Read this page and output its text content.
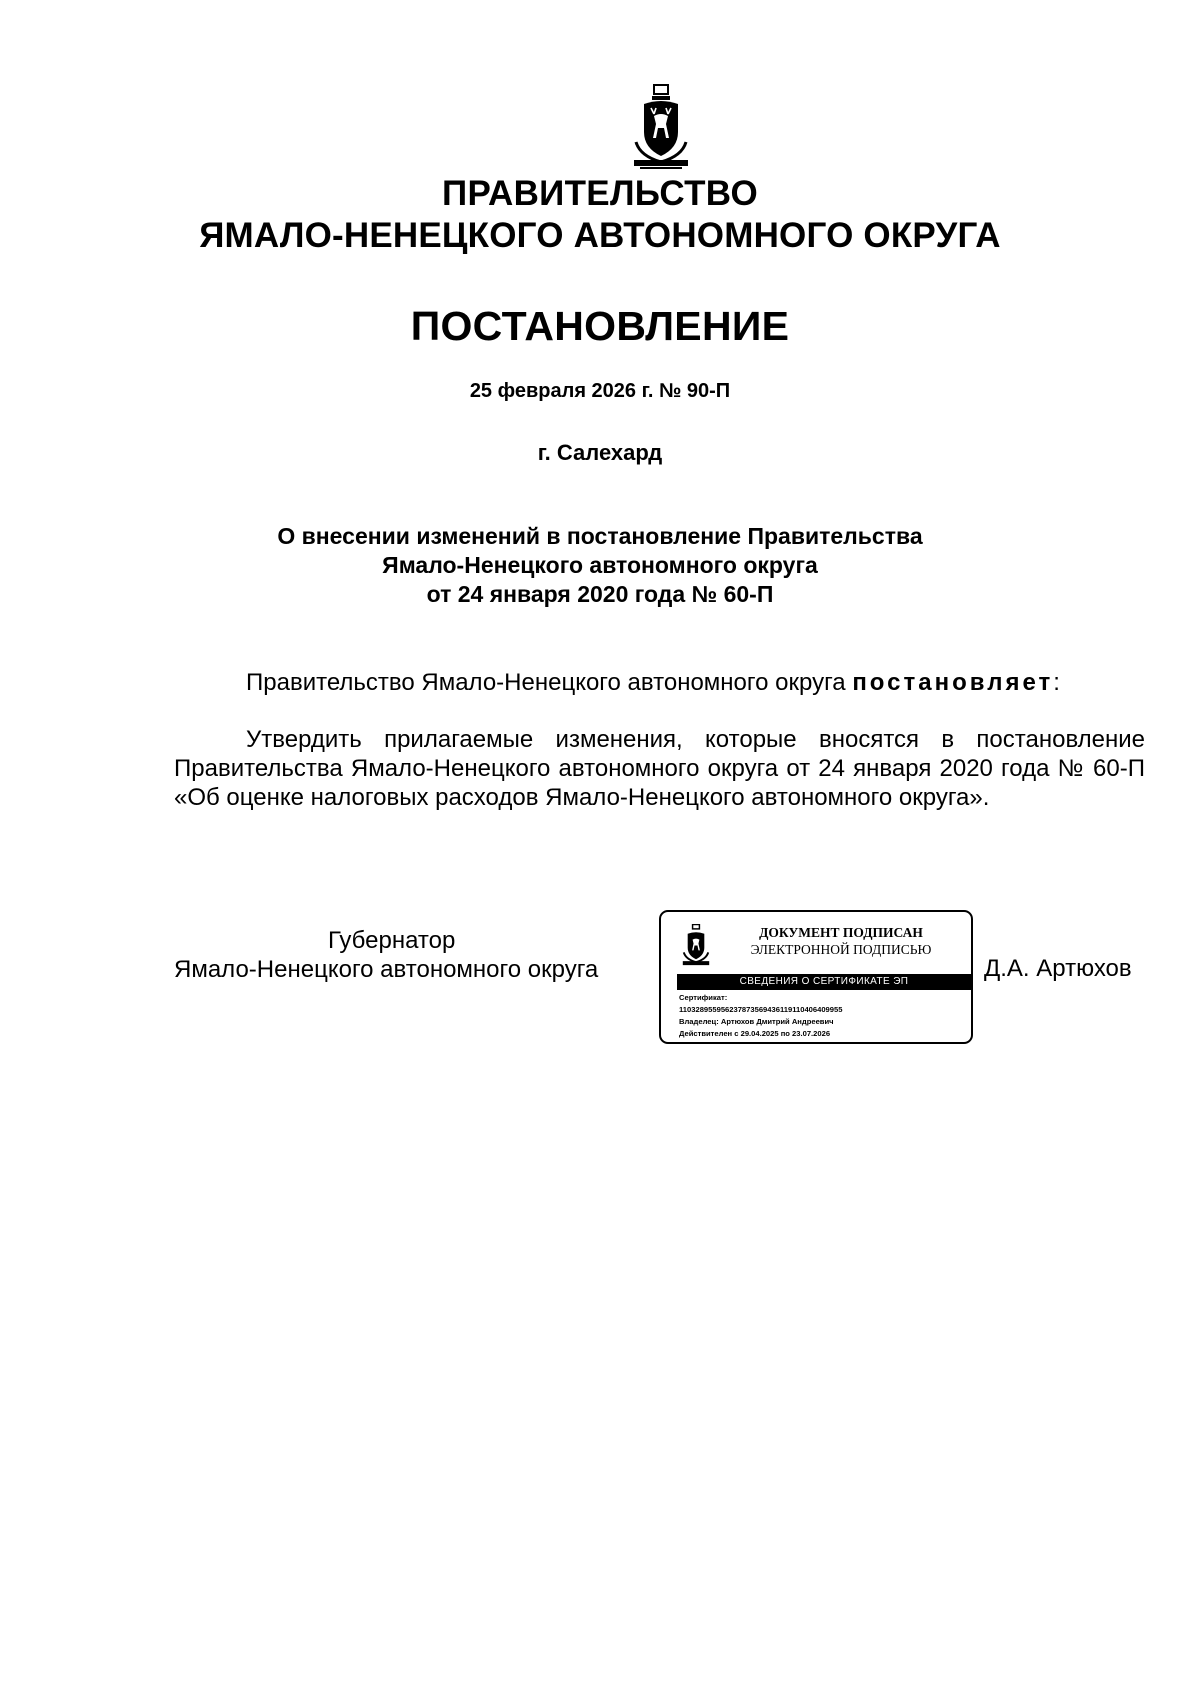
ПРАВИТЕЛЬСТВО
ЯМАЛО-НЕНЕЦКОГО АВТОНОМНОГО ОКРУГА
ПОСТАНОВЛЕНИЕ
25 февраля 2026 г. № 90-П
г. Салехард
О внесении изменений в постановление Правительства
Ямало-Ненецкого автономного округа
от 24 января 2020 года № 60-П
Правительство Ямало-Ненецкого автономного округа постановляет:

Утвердить прилагаемые изменения, которые вносятся в постановление Правительства Ямало-Ненецкого автономного округа от 24 января 2020 года № 60-П «Об оценке налоговых расходов Ямало-Ненецкого автономного округа».

Губернатор
Ямало-Ненецкого автономного округа
ДОКУМЕНТ ПОДПИСАН
ЭЛЕКТРОННОЙ ПОДПИСЬЮ
СВЕДЕНИЯ О СЕРТИФИКАТЕ ЭП
Сертификат:
110328955956237873569436119110406409955
Владелец: Артюхов Дмитрий Андреевич
Действителен с 29.04.2025 по 23.07.2026
Д.А. Артюхов
